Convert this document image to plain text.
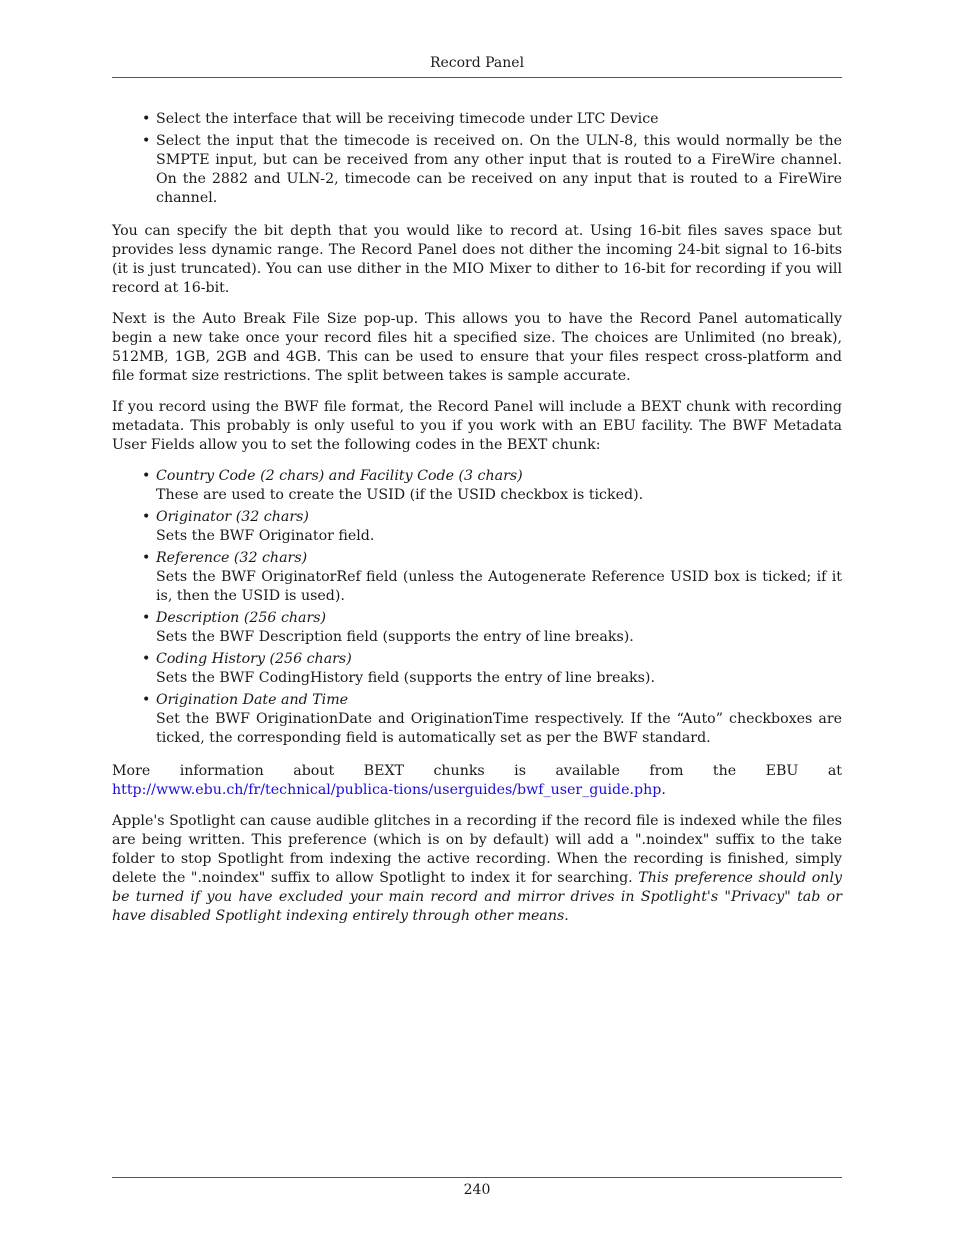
Record Panel
• Select the interface that will be receiving timecode under LTC Device
• Select the input that the timecode is received on. On the ULN-8, this would normally be the SMPTE input, but can be received from any other input that is routed to a FireWire channel. On the 2882 and ULN-2, timecode can be received on any input that is routed to a FireWire channel.

You can specify the bit depth that you would like to record at. Using 16-bit files saves space but provides less dynamic range. The Record Panel does not dither the incoming 24-bit signal to 16-bits (it is just truncated). You can use dither in the MIO Mixer to dither to 16-bit for recording if you will record at 16-bit.

Next is the Auto Break File Size pop-up. This allows you to have the Record Panel automatically begin a new take once your record files hit a specified size. The choices are Unlimited (no break), 512MB, 1GB, 2GB and 4GB. This can be used to ensure that your files respect cross-platform and file format size restrictions. The split between takes is sample accurate.

If you record using the BWF file format, the Record Panel will include a BEXT chunk with recording metadata. This probably is only useful to you if you work with an EBU facility. The BWF Metadata User Fields allow you to set the following codes in the BEXT chunk:

• Country Code (2 chars) and Facility Code (3 chars)
These are used to create the USID (if the USID checkbox is ticked).
• Originator (32 chars)
Sets the BWF Originator field.
• Reference (32 chars)
Sets the BWF OriginatorRef field (unless the Autogenerate Reference USID box is ticked; if it is, then the USID is used).
• Description (256 chars)
Sets the BWF Description field (supports the entry of line breaks).
• Coding History (256 chars)
Sets the BWF CodingHistory field (supports the entry of line breaks).
• Origination Date and Time
Set the BWF OriginationDate and OriginationTime respectively. If the “Auto” checkboxes are ticked, the corresponding field is automatically set as per the BWF standard.

More information about BEXT chunks is available from the EBU at http://www.ebu.ch/fr/technical/publica-tions/userguides/bwf_user_guide.php.

Apple's Spotlight can cause audible glitches in a recording if the record file is indexed while the files are being written. This preference (which is on by default) will add a ".noindex" suffix to the take folder to stop Spotlight from indexing the active recording. When the recording is finished, simply delete the ".noindex" suffix to allow Spotlight to index it for searching. This preference should only be turned if you have excluded your main record and mirror drives in Spotlight's "Privacy" tab or have disabled Spotlight indexing entirely through other means.

240
